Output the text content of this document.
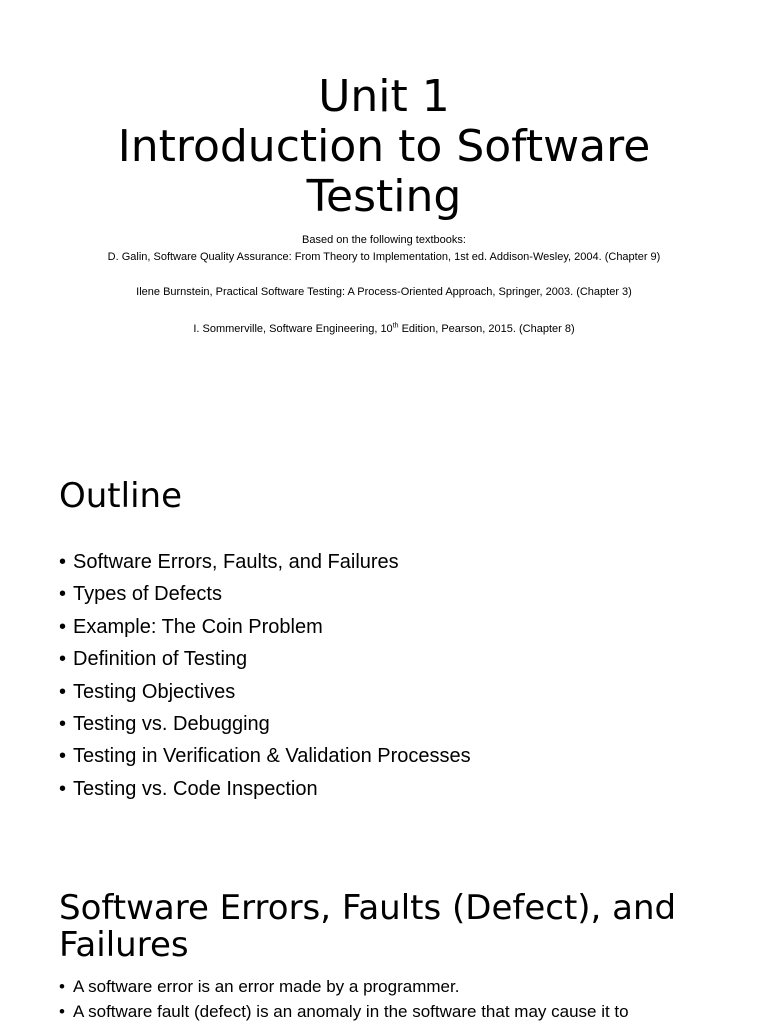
Unit 1
Introduction to Software
Testing

Based on the following textbooks:

D. Galin, Software Quality Assurance: From Theory to Implementation, 1st ed. Addison-Wesley, 2004. (Chapter 9)

Ilene Burnstein, Practical Software Testing: A Process-Oriented Approach, Springer, 2003. (Chapter 3)

I. Sommerville, Software Engineering, 10th Edition, Pearson, 2015. (Chapter 8)

Outline
• Software Errors, Faults, and Failures
• Types of Defects
• Example: The Coin Problem
• Definition of Testing
• Testing Objectives
• Testing vs. Debugging
• Testing in Verification & Validation Processes
• Testing vs. Code Inspection
Software Errors, Faults (Defect), and
Failures
• A software error is an error made by a programmer.
• A software fault (defect) is an anomaly in the software that may cause it to
